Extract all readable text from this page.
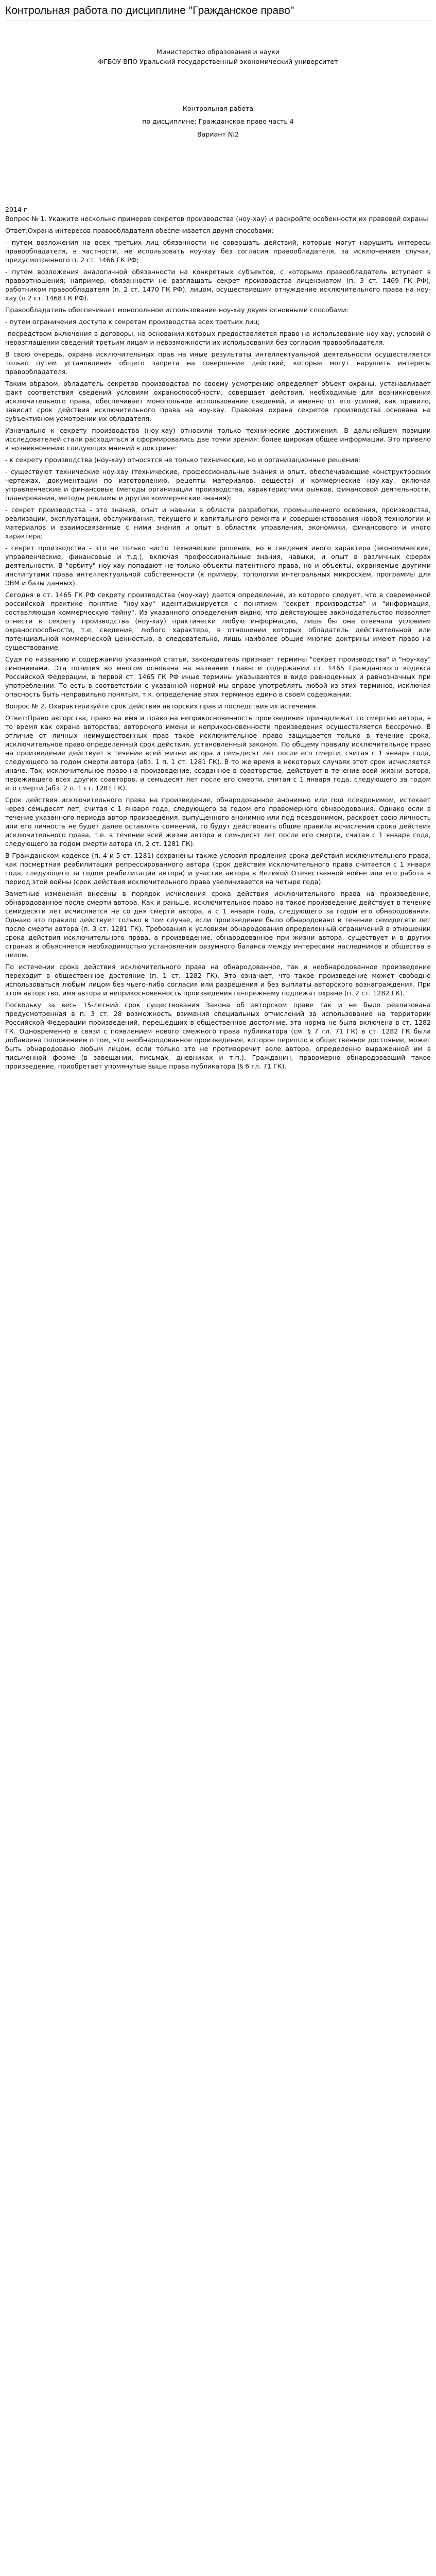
Контрольная работа по дисциплине "Гражданское право"

Министерство образования и науки

ФГБОУ ВПО Уральский государственный экономический университет

Контрольная работа

по дисциплине: Гражданское право часть 4

Вариант №2

2014 г

Вопрос № 1. Укажите несколько примеров секретов производства (ноу-хау) и раскройте особенности их правовой охраны

Ответ:Охрана интересов правообладателя обеспечивается двумя способами:

- путем возложения на всех третьих лиц обязанности не совершать действий, которые могут нарушить интересы правообладателя, в частности, не использовать ноу-хау без согласия правообладателя, за исключением случая, предусмотренного п. 2 ст. 1466 ГК РФ;

- путем возложения аналогичной обязанности на конкретных субъектов, с которыми правообладатель вступает в правоотношения; например, обязанности не разглашать секрет производства лицензиатом (п. 3 ст. 1469 ГК РФ), работником правообладателя (п. 2 ст. 1470 ГК РФ), лицом, осуществившим отчуждение исключительного права на ноу-хау (п 2 ст. 1468 ГК РФ).

Правообладатель обеспечивает монопольное использование ноу-хау двумя основными способами:

- путем ограничения доступа к секретам производства всех третьих лиц;

-посредством включения в договоры, на основании которых предоставляется право на использование ноу-хау, условий о неразглашении сведений третьим лицам и невозможности их использования без согласия правообладателя.

В свою очередь, охрана исключительных прав на иные результаты интеллектуальной деятельности осуществляется только путем установления общего запрета на совершение действий, которые могут нарушить интересы правообладателя.

Таким образом, обладатель секретов производства по своему усмотрению определяет объект охраны, устанавливает факт соответствия сведений условиям охраноспособности, совершает действия, необходимые для возникновения исключительного права, обеспечивает монопольное использование сведений, и именно от его усилий, как правило, зависит срок действия исключительного права на ноу-хау. Правовая охрана секретов производства основана на субъективном усмотрении их обладателя.

Изначально к секрету производства (ноу-хау) относили только технические достижения. В дальнейшем позиции исследователей стали расходиться и сформировались две точки зрения: более широкая общее информации. Это привело к возникновению следующих мнений в доктрине:

- к секрету производства (ноу-хау) относятся не только технические, но и организационные решения:

- существуют технические ноу-хау (технические, профессиональные знания и опыт, обеспечивающие конструкторских чертежах, документации по изготовлению, рецепты материалов, веществ) и коммерческие ноу-хау, включая управленческие и финансовые (методы организации производства, характеристики рынков, финансовой деятельности, планирования, методы рекламы и другие коммерческие знания);

- секрет производства - это знания, опыт и навыки в области разработки, промышленного освоения, производства, реализации, эксплуатации, обслуживания, текущего и капитального ремонта и совершенствования новой технологии и материалов и взаимосвязанные с ними знания и опыт в областях управления, экономики, финансового и иного характера;

- секрет производства - это не только чисто технические решения, но и сведения иного характера (экономические, управленческие, финансовые и т.д.), включая профессиональные знания, навыки, и опыт в различных сферах деятельности. В "орбиту" ноу-хау попадают не только объекты патентного права, но и объекты, охраняемые другими институтами права интеллектуальной собственности (к примеру, топологии интегральных микросхем, программы для ЭВМ и базы данных).

Сегодня в ст. 1465 ГК РФ секрету производства (ноу-хау) дается определение, из которого следует, что в современной российской практике понятие "ноу-хау" идентифицируется с понятием "секрет производства" и "информация, составляющая коммерческую тайну". Из указанного определения видно, что действующее законодательство позволяет отнести к секрету производства (ноу-хау) практически любую информацию, лишь бы она отвечала условиям охраноспособности, т.е. сведения, любого характера, в отношении которых обладатель действительной или потенциальной коммерческой ценностью, а следовательно, лишь наиболее общие многие доктрины имеют право на существование.

Судя по названию и содержанию указанной статьи, законодатель признает термины "секрет производства" и "ноу-хау" синонимами. Эта позиция во многом основана на названии главы и содержании ст. 1465 Гражданского кодекса Российской Федерации, в первой ст. 1465 ГК РФ иные термины указываются в виде равноценных и равнозначных при употреблении. То есть в соответствии с указанной нормой мы вправе употреблять любой из этих терминов, исключая опасность быть неправильно понятым, т.к. определение этих терминов едино в своем содержании.

Вопрос № 2. Охарактеризуйте срок действия авторских прав и последствия их истечения.

Ответ:Право авторства, право на имя и право на неприкосновенность произведения принадлежат со смертью автора, в то время как охрана авторства, авторского имени и неприкосновенности произведения осуществляется бессрочно. В отличие от личных неимущественных прав такое исключительное право защищается только в течение срока, исключительное право определенный срок действия, установленный законом. По общему правилу исключительное право на произведение действует в течение всей жизни автора и семьдесят лет после его смерти, считая с 1 января года, следующего за годом смерти автора (абз. 1 п. 1 ст. 1281 ГК). В то же время в некоторых случаях этот срок исчисляется иначе. Так, исключительное право на произведение, созданное в соавторстве, действует в течение всей жизни автора, пережившего всех других соавторов, и семьдесят лет после его смерти, считая с 1 января года, следующего за годом его смерти (абз. 2 п. 1 ст. 1281 ГК).

Срок действия исключительного права на произведение, обнародованное анонимно или под псевдонимом, истекает через семьдесят лет, считая с 1 января года, следующего за годом его правомерного обнародования. Однако если в течение указанного периода автор произведения, выпущенного анонимно или под псевдонимом, раскроет свою личность или его личность не будет далее оставлять сомнений, то будут действовать общие правила исчисления срока действия исключительного права, т.е. в течение всей жизни автора и семьдесят лет после его смерти, считая с 1 января года, следующего за годом смерти автора (п. 2 ст. 1281 ГК).

В Гражданском кодексе (п. 4 и 5 ст. 1281) сохранены также условия продления срока действия исключительного права, как посмертная реабилитация репрессированного автора (срок действия исключительного права считается с 1 января года, следующего за годом реабилитации автора) и участие автора в Великой Отечественной войне или его работа в период этой войны (срок действия исключительного права увеличивается на четыре года).

Заметные изменения внесены в порядок исчисления срока действия исключительного права на произведение, обнародованное после смерти автора. Как и раньше, исключительное право на такое произведение действует в течение семидесяти лет исчисляется не со дня смерти автора, а с 1 января года, следующего за годом его обнародования. Однако это правило действует только в том случае, если произведение было обнародовано в течение семидесяти лет после смерти автора (п. 3 ст. 1281 ГК). Требования к условиям обнародования определенный ограничений в отношении срока действия исключительного права, а произведение, обнародованное при жизни автора, существует и в других странах и объясняется необходимостью установления разумного баланса между интересами наследников и общества в целом.

По истечении срока действия исключительного права на обнародованное, так и необнародованное произведение переходит в общественное достояние (п. 1 ст. 1282 ГК). Это означает, что такое произведение может свободно использоваться любым лицом без чьего-либо согласия или разрешения и без выплаты авторского вознаграждения. При этом авторство, имя автора и неприкосновенность произведения по-прежнему подлежат охране (п. 2 ст. 1282 ГК).

Поскольку за весь 15-летний срок существования Закона об авторском праве так и не было реализована предусмотренная в п. 3 ст. 28 возможность взимания специальных отчислений за использование на территории Российской Федерации произведений, перешедших в общественное достояние, эта норма не была включена в ст. 1282 ГК. Одновременно в связи с появлением нового смежного права публикатора (см. § 7 гл. 71 ГК) в ст. 1282 ГК была добавлена положением о том, что необнародованное произведение, которое перешло в общественное достояние, может быть обнародовано любым лицом, если только это не противоречит воле автора, определенно выраженной им в письменной форме (в завещании, письмах, дневниках и т.п.). Гражданин, правомерно обнародовавший такое произведение, приобретает упомянутые выше права публикатора (§ 6 гл. 71 ГК).
